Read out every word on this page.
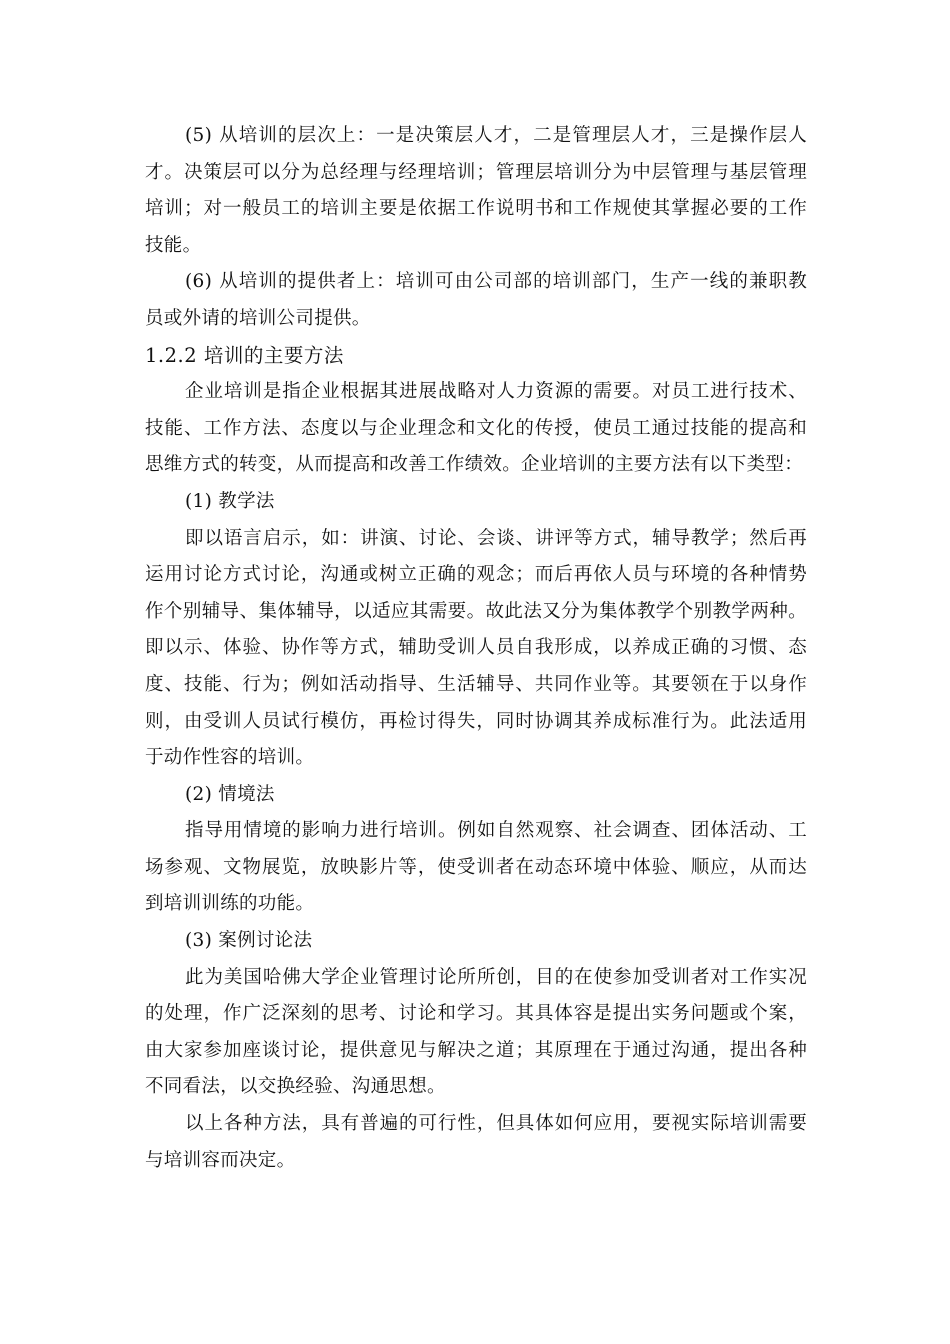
(5) 从培训的层次上：一是决策层人才，二是管理层人才，三是操作层人
才。决策层可以分为总经理与经理培训；管理层培训分为中层管理与基层管理
培训；对一般员工的培训主要是依据工作说明书和工作规使其掌握必要的工作
技能。
(6) 从培训的提供者上：培训可由公司部的培训部门，生产一线的兼职教
员或外请的培训公司提供。
1.2.2 培训的主要方法
企业培训是指企业根据其进展战略对人力资源的需要。对员工进行技术、
技能、工作方法、态度以与企业理念和文化的传授，使员工通过技能的提高和
思维方式的转变，从而提高和改善工作绩效。企业培训的主要方法有以下类型：
(1) 教学法
即以语言启示，如：讲演、讨论、会谈、讲评等方式，辅导教学；然后再
运用讨论方式讨论，沟通或树立正确的观念；而后再依人员与环境的各种情势
作个别辅导、集体辅导，以适应其需要。故此法又分为集体教学个别教学两种。
即以示、体验、协作等方式，辅助受训人员自我形成，以养成正确的习惯、态
度、技能、行为；例如活动指导、生活辅导、共同作业等。其要领在于以身作
则，由受训人员试行模仿，再检讨得失，同时协调其养成标准行为。此法适用
于动作性容的培训。
(2) 情境法
指导用情境的影响力进行培训。例如自然观察、社会调查、团体活动、工
场参观、文物展览，放映影片等，使受训者在动态环境中体验、顺应，从而达
到培训训练的功能。
(3) 案例讨论法
此为美国哈佛大学企业管理讨论所所创，目的在使参加受训者对工作实况
的处理，作广泛深刻的思考、讨论和学习。其具体容是提出实务问题或个案，
由大家参加座谈讨论，提供意见与解决之道；其原理在于通过沟通，提出各种
不同看法，以交换经验、沟通思想。
以上各种方法，具有普遍的可行性，但具体如何应用，要视实际培训需要
与培训容而决定。
